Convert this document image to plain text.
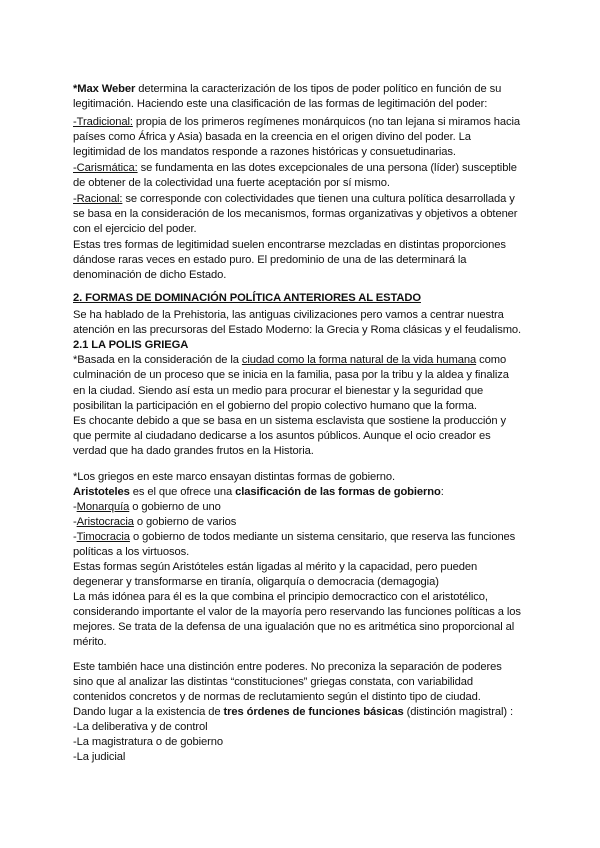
*Max Weber determina la caracterización de los tipos de poder político en función de su
legitimación. Haciendo este una clasificación de las formas de legitimación del poder:
-Tradicional: propia de los primeros regímenes monárquicos (no tan lejana si miramos hacia
países como África y Asia) basada en la creencia en el origen divino del poder. La
legitimidad de los mandatos responde a razones históricas y consuetudinarias.
-Carismática: se fundamenta en las dotes excepcionales de una persona (líder) susceptible
de obtener de la colectividad una fuerte aceptación por sí mismo.
-Racional: se corresponde con colectividades que tienen una cultura política desarrollada y
se basa en la consideración de los mecanismos, formas organizativas y objetivos a obtener
con el ejercicio del poder.
Estas tres formas de legitimidad suelen encontrarse mezcladas en distintas proporciones
dándose raras veces en estado puro. El predominio de una de las determinará la
denominación de dicho Estado.
2. FORMAS DE DOMINACIÓN POLÍTICA ANTERIORES AL ESTADO
Se ha hablado de la Prehistoria, las antiguas civilizaciones pero vamos a centrar nuestra
atención en las precursoras del Estado Moderno: la Grecia y Roma clásicas y el feudalismo.
2.1 LA POLIS GRIEGA
*Basada en la consideración de la ciudad como la forma natural de la vida humana como
culminación de un proceso que se inicia en la familia, pasa por la tribu y la aldea y finaliza
en la ciudad. Siendo así esta un medio para procurar el bienestar y la seguridad que
posibilitan la participación en el gobierno del propio colectivo humano que la forma.
Es chocante debido a que se basa en un sistema esclavista que sostiene la producción y
que permite al ciudadano dedicarse a los asuntos públicos. Aunque el ocio creador es
verdad que ha dado grandes frutos en la Historia.
*Los griegos en este marco ensayan distintas formas de gobierno.
Aristoteles es el que ofrece una clasificación de las formas de gobierno:
-Monarquía o gobierno de uno
-Aristocracia o gobierno de varios
-Timocracia o gobierno de todos mediante un sistema censitario, que reserva las funciones
políticas a los virtuosos.
Estas formas según Aristóteles están ligadas al mérito y la capacidad, pero pueden
degenerar y transformarse en tiranía, oligarquía o democracia (demagogia)
La más idónea para él es la que combina el principio democractico con el aristotélico,
considerando importante el valor de la mayoría pero reservando las funciones políticas a los
mejores. Se trata de la defensa de una igualación que no es aritmética sino proporcional al
mérito.
Este también hace una distinción entre poderes. No preconiza la separación de poderes
sino que al analizar las distintas “constituciones” griegas constata, con variabilidad
contenidos concretos y de normas de reclutamiento según el distinto tipo de ciudad.
Dando lugar a la existencia de tres órdenes de funciones básicas (distinción magistral) :
-La deliberativa y de control
-La magistratura o de gobierno
-La judicial
